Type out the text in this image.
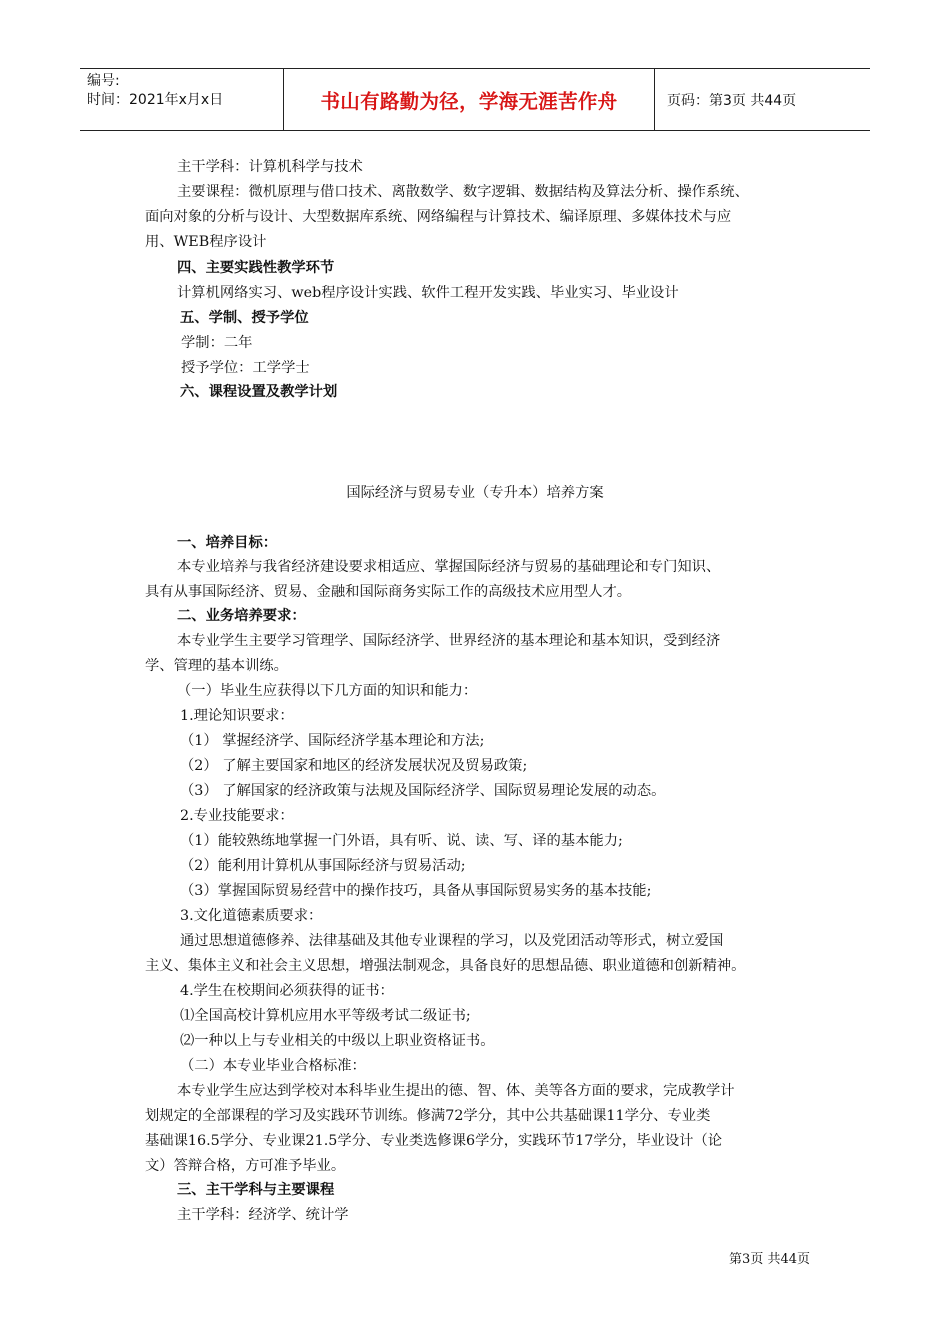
编号:
时间：2021年x月x日	书山有路勤为径，学海无涯苦作舟	页码：第3页 共44页
主干学科：计算机科学与技术
主要课程：微机原理与借口技术、离散数学、数字逻辑、数据结构及算法分析、操作系统、
面向对象的分析与设计、大型数据库系统、网络编程与计算技术、编译原理、多媒体技术与应
用、WEB程序设计
四、主要实践性教学环节
计算机网络实习、web程序设计实践、软件工程开发实践、毕业实习、毕业设计
五、学制、授予学位
学制：二年
授予学位：工学学士
六、课程设置及教学计划
国际经济与贸易专业（专升本）培养方案
一、培养目标：
本专业培养与我省经济建设要求相适应、掌握国际经济与贸易的基础理论和专门知识、
具有从事国际经济、贸易、金融和国际商务实际工作的高级技术应用型人才。
二、业务培养要求：
本专业学生主要学习管理学、国际经济学、世界经济的基本理论和基本知识，受到经济
学、管理的基本训练。
（一）毕业生应获得以下几方面的知识和能力：
1.理论知识要求：
（1） 掌握经济学、国际经济学基本理论和方法;
（2） 了解主要国家和地区的经济发展状况及贸易政策;
（3） 了解国家的经济政策与法规及国际经济学、国际贸易理论发展的动态。
2.专业技能要求：
（1）能较熟练地掌握一门外语，具有听、说、读、写、译的基本能力;
（2）能利用计算机从事国际经济与贸易活动;
（3）掌握国际贸易经营中的操作技巧，具备从事国际贸易实务的基本技能;
3.文化道德素质要求：
通过思想道德修养、法律基础及其他专业课程的学习，以及党团活动等形式，树立爱国
主义、集体主义和社会主义思想，增强法制观念，具备良好的思想品德、职业道德和创新精神。
4.学生在校期间必须获得的证书：
⑴全国高校计算机应用水平等级考试二级证书;
⑵一种以上与专业相关的中级以上职业资格证书。
（二）本专业毕业合格标准：
本专业学生应达到学校对本科毕业生提出的德、智、体、美等各方面的要求，完成教学计
划规定的全部课程的学习及实践环节训练。修满72学分，其中公共基础课11学分、专业类
基础课16.5学分、专业课21.5学分、专业类选修课6学分，实践环节17学分，毕业设计（论
文）答辩合格，方可准予毕业。
三、主干学科与主要课程
主干学科：经济学、统计学
第3页 共44页
